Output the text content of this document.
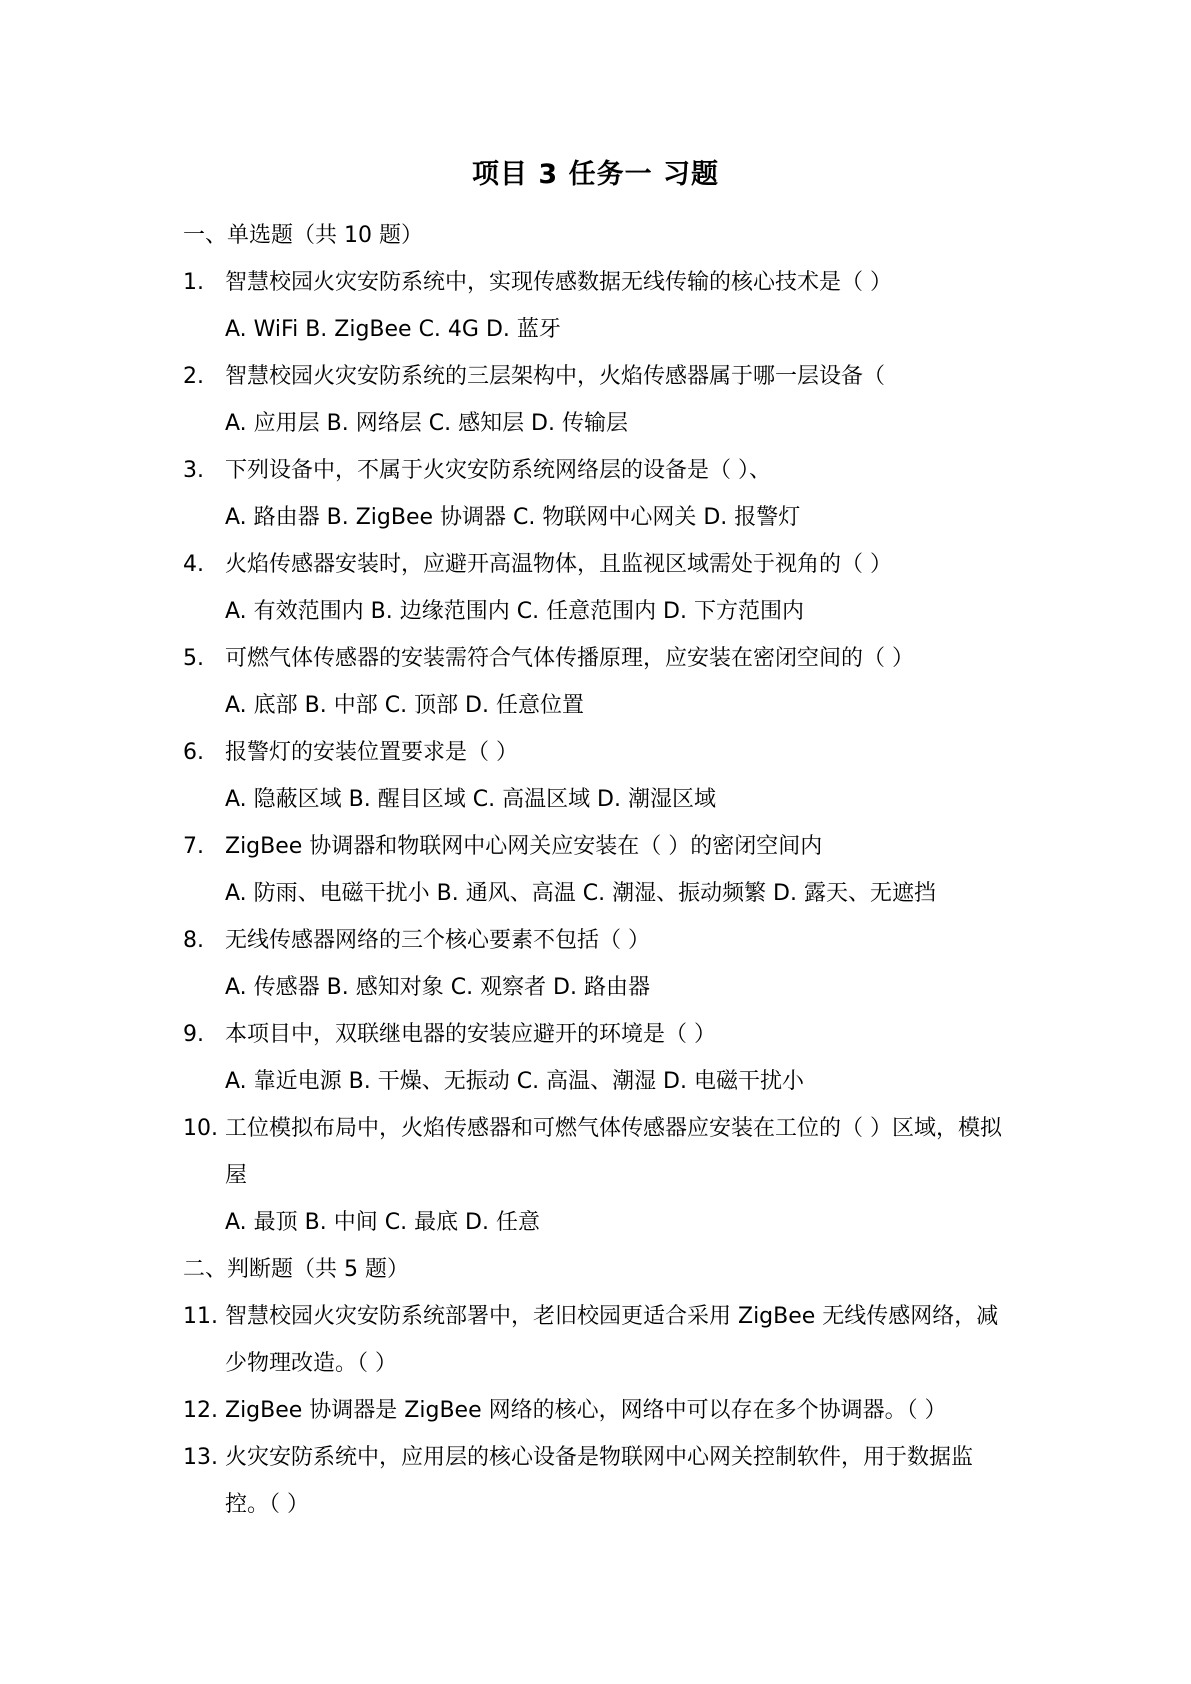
项目 3 任务一 习题
一、单选题（共 10 题）
1. 智慧校园火灾安防系统中，实现传感数据无线传输的核心技术是（ ）
A. WiFi B. ZigBee C. 4G D. 蓝牙
2. 智慧校园火灾安防系统的三层架构中，火焰传感器属于哪一层设备（
A. 应用层 B. 网络层 C. 感知层 D. 传输层
3. 下列设备中，不属于火灾安防系统网络层的设备是（ ）、
A. 路由器 B. ZigBee 协调器 C. 物联网中心网关 D. 报警灯
4. 火焰传感器安装时，应避开高温物体，且监视区域需处于视角的（ ）
A. 有效范围内 B. 边缘范围内 C. 任意范围内 D. 下方范围内
5. 可燃气体传感器的安装需符合气体传播原理，应安装在密闭空间的（ ）
A. 底部 B. 中部 C. 顶部 D. 任意位置
6. 报警灯的安装位置要求是（ ）
A. 隐蔽区域 B. 醒目区域 C. 高温区域 D. 潮湿区域
7. ZigBee 协调器和物联网中心网关应安装在（ ）的密闭空间内
A. 防雨、电磁干扰小 B. 通风、高温 C. 潮湿、振动频繁 D. 露天、无遮挡
8. 无线传感器网络的三个核心要素不包括（ ）
A. 传感器 B. 感知对象 C. 观察者 D. 路由器
9. 本项目中，双联继电器的安装应避开的环境是（ ）
A. 靠近电源 B. 干燥、无振动 C. 高温、潮湿 D. 电磁干扰小
10. 工位模拟布局中，火焰传感器和可燃气体传感器应安装在工位的（ ）区域，模拟屋
A. 最顶 B. 中间 C. 最底 D. 任意
二、判断题（共 5 题）
11. 智慧校园火灾安防系统部署中，老旧校园更适合采用 ZigBee 无线传感网络，减少物理改造。（ ）
12. ZigBee 协调器是 ZigBee 网络的核心，网络中可以存在多个协调器。（ ）
13. 火灾安防系统中，应用层的核心设备是物联网中心网关控制软件，用于数据监控。（ ）
